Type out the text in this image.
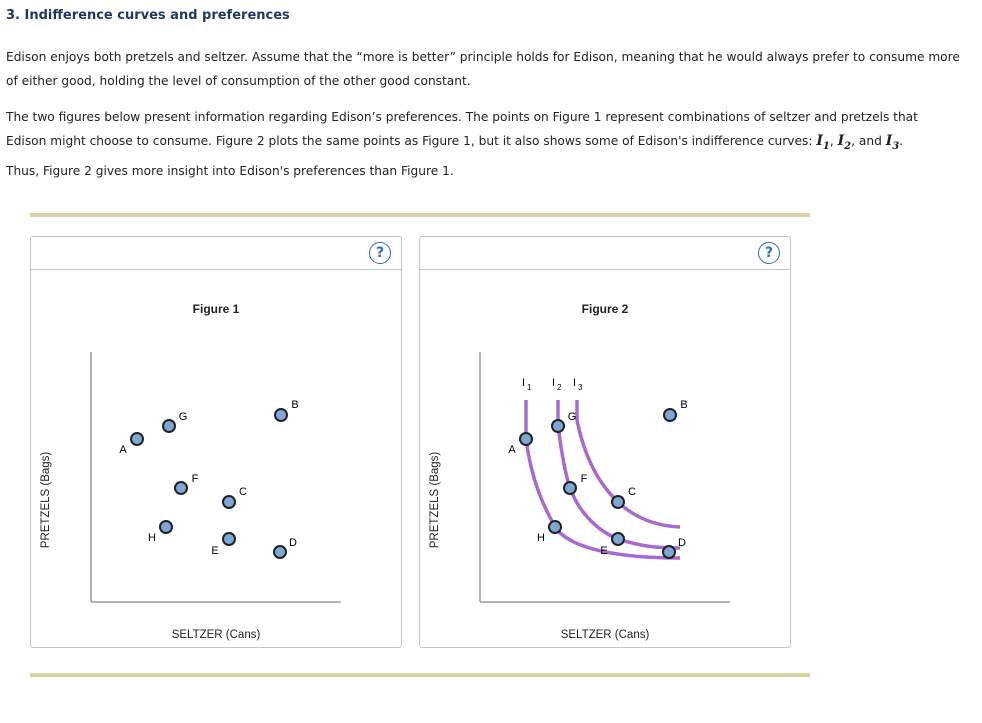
3. Indifference curves and preferences
Edison enjoys both pretzels and seltzer. Assume that the “more is better” principle holds for Edison, meaning that he would always prefer to consume more of either good, holding the level of consumption of the other good constant.
The two figures below present information regarding Edison’s preferences. The points on Figure 1 represent combinations of seltzer and pretzels that
Edison might choose to consume. Figure 2 plots the same points as Figure 1, but it also shows some of Edison's indifference curves: $I_1$, $I_2$, and $I_3$.
Thus, Figure 2 gives more insight into Edison's preferences than Figure 1.
?
Figure 1
SELTZER (Cans)
PRETZELS (Bags)
A
B
C
D
E
F
G
H
?
Figure 2
SELTZER (Cans)
PRETZELS (Bags)
I 1 I 2 I 3
A
B
C
D
E
F
G
H
